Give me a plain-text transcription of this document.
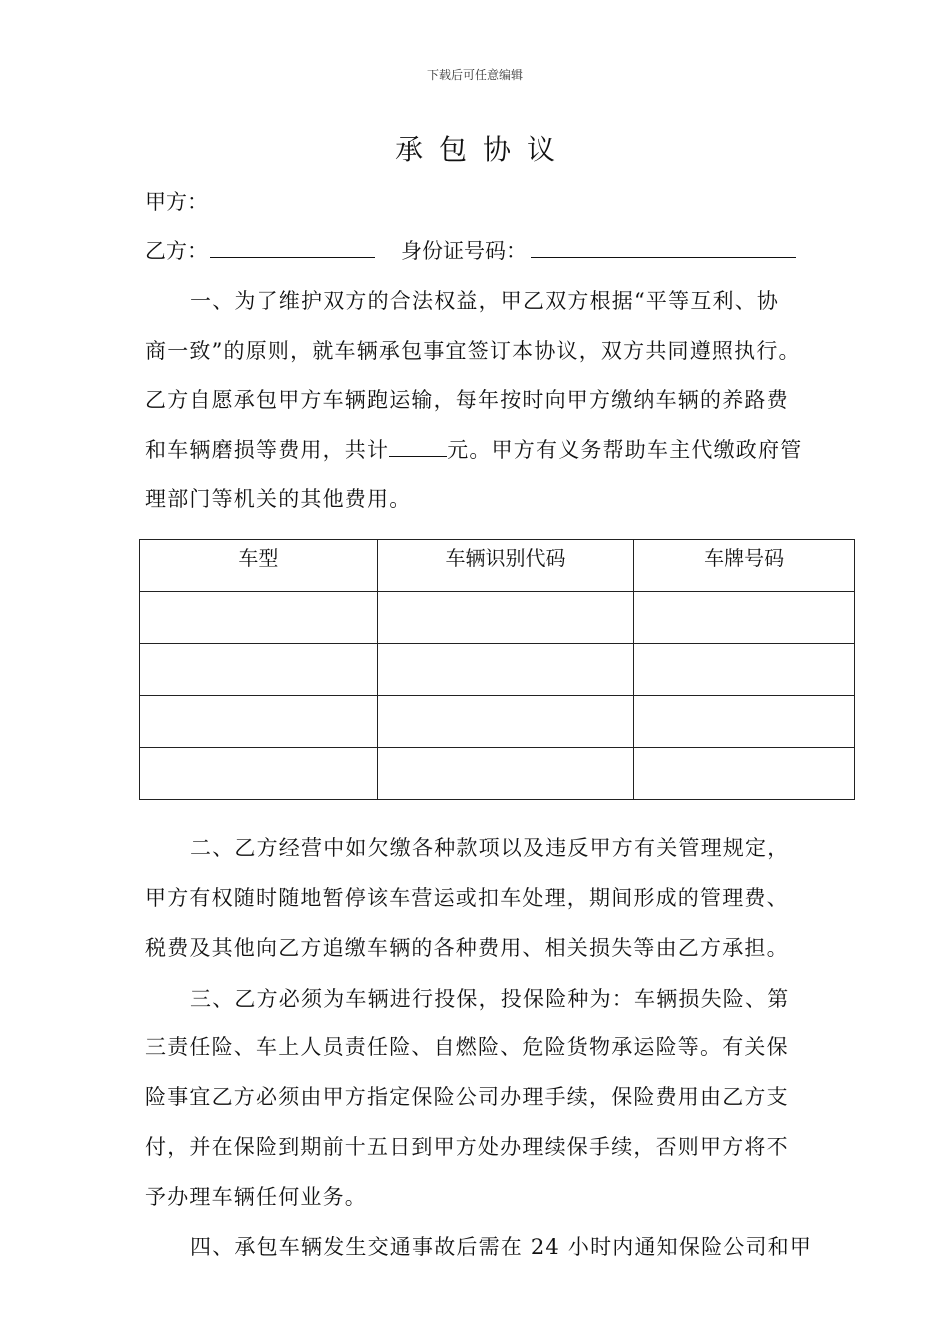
下载后可任意编辑
承包协议
甲方：
乙方：	身份证号码：
一、为了维护双方的合法权益，甲乙双方根据“平等互利、协
商一致”的原则，就车辆承包事宜签订本协议，双方共同遵照执行。
乙方自愿承包甲方车辆跑运输，每年按时向甲方缴纳车辆的养路费
和车辆磨损等费用，共计	元。甲方有义务帮助车主代缴政府管
理部门等机关的其他费用。
车型	车辆识别代码	车牌号码

二、乙方经营中如欠缴各种款项以及违反甲方有关管理规定，
甲方有权随时随地暂停该车营运或扣车处理，期间形成的管理费、
税费及其他向乙方追缴车辆的各种费用、相关损失等由乙方承担。
三、乙方必须为车辆进行投保，投保险种为：车辆损失险、第
三责任险、车上人员责任险、自燃险、危险货物承运险等。有关保
险事宜乙方必须由甲方指定保险公司办理手续，保险费用由乙方支
付，并在保险到期前十五日到甲方处办理续保手续，否则甲方将不
予办理车辆任何业务。
四、承包车辆发生交通事故后需在 24 小时内通知保险公司和甲
